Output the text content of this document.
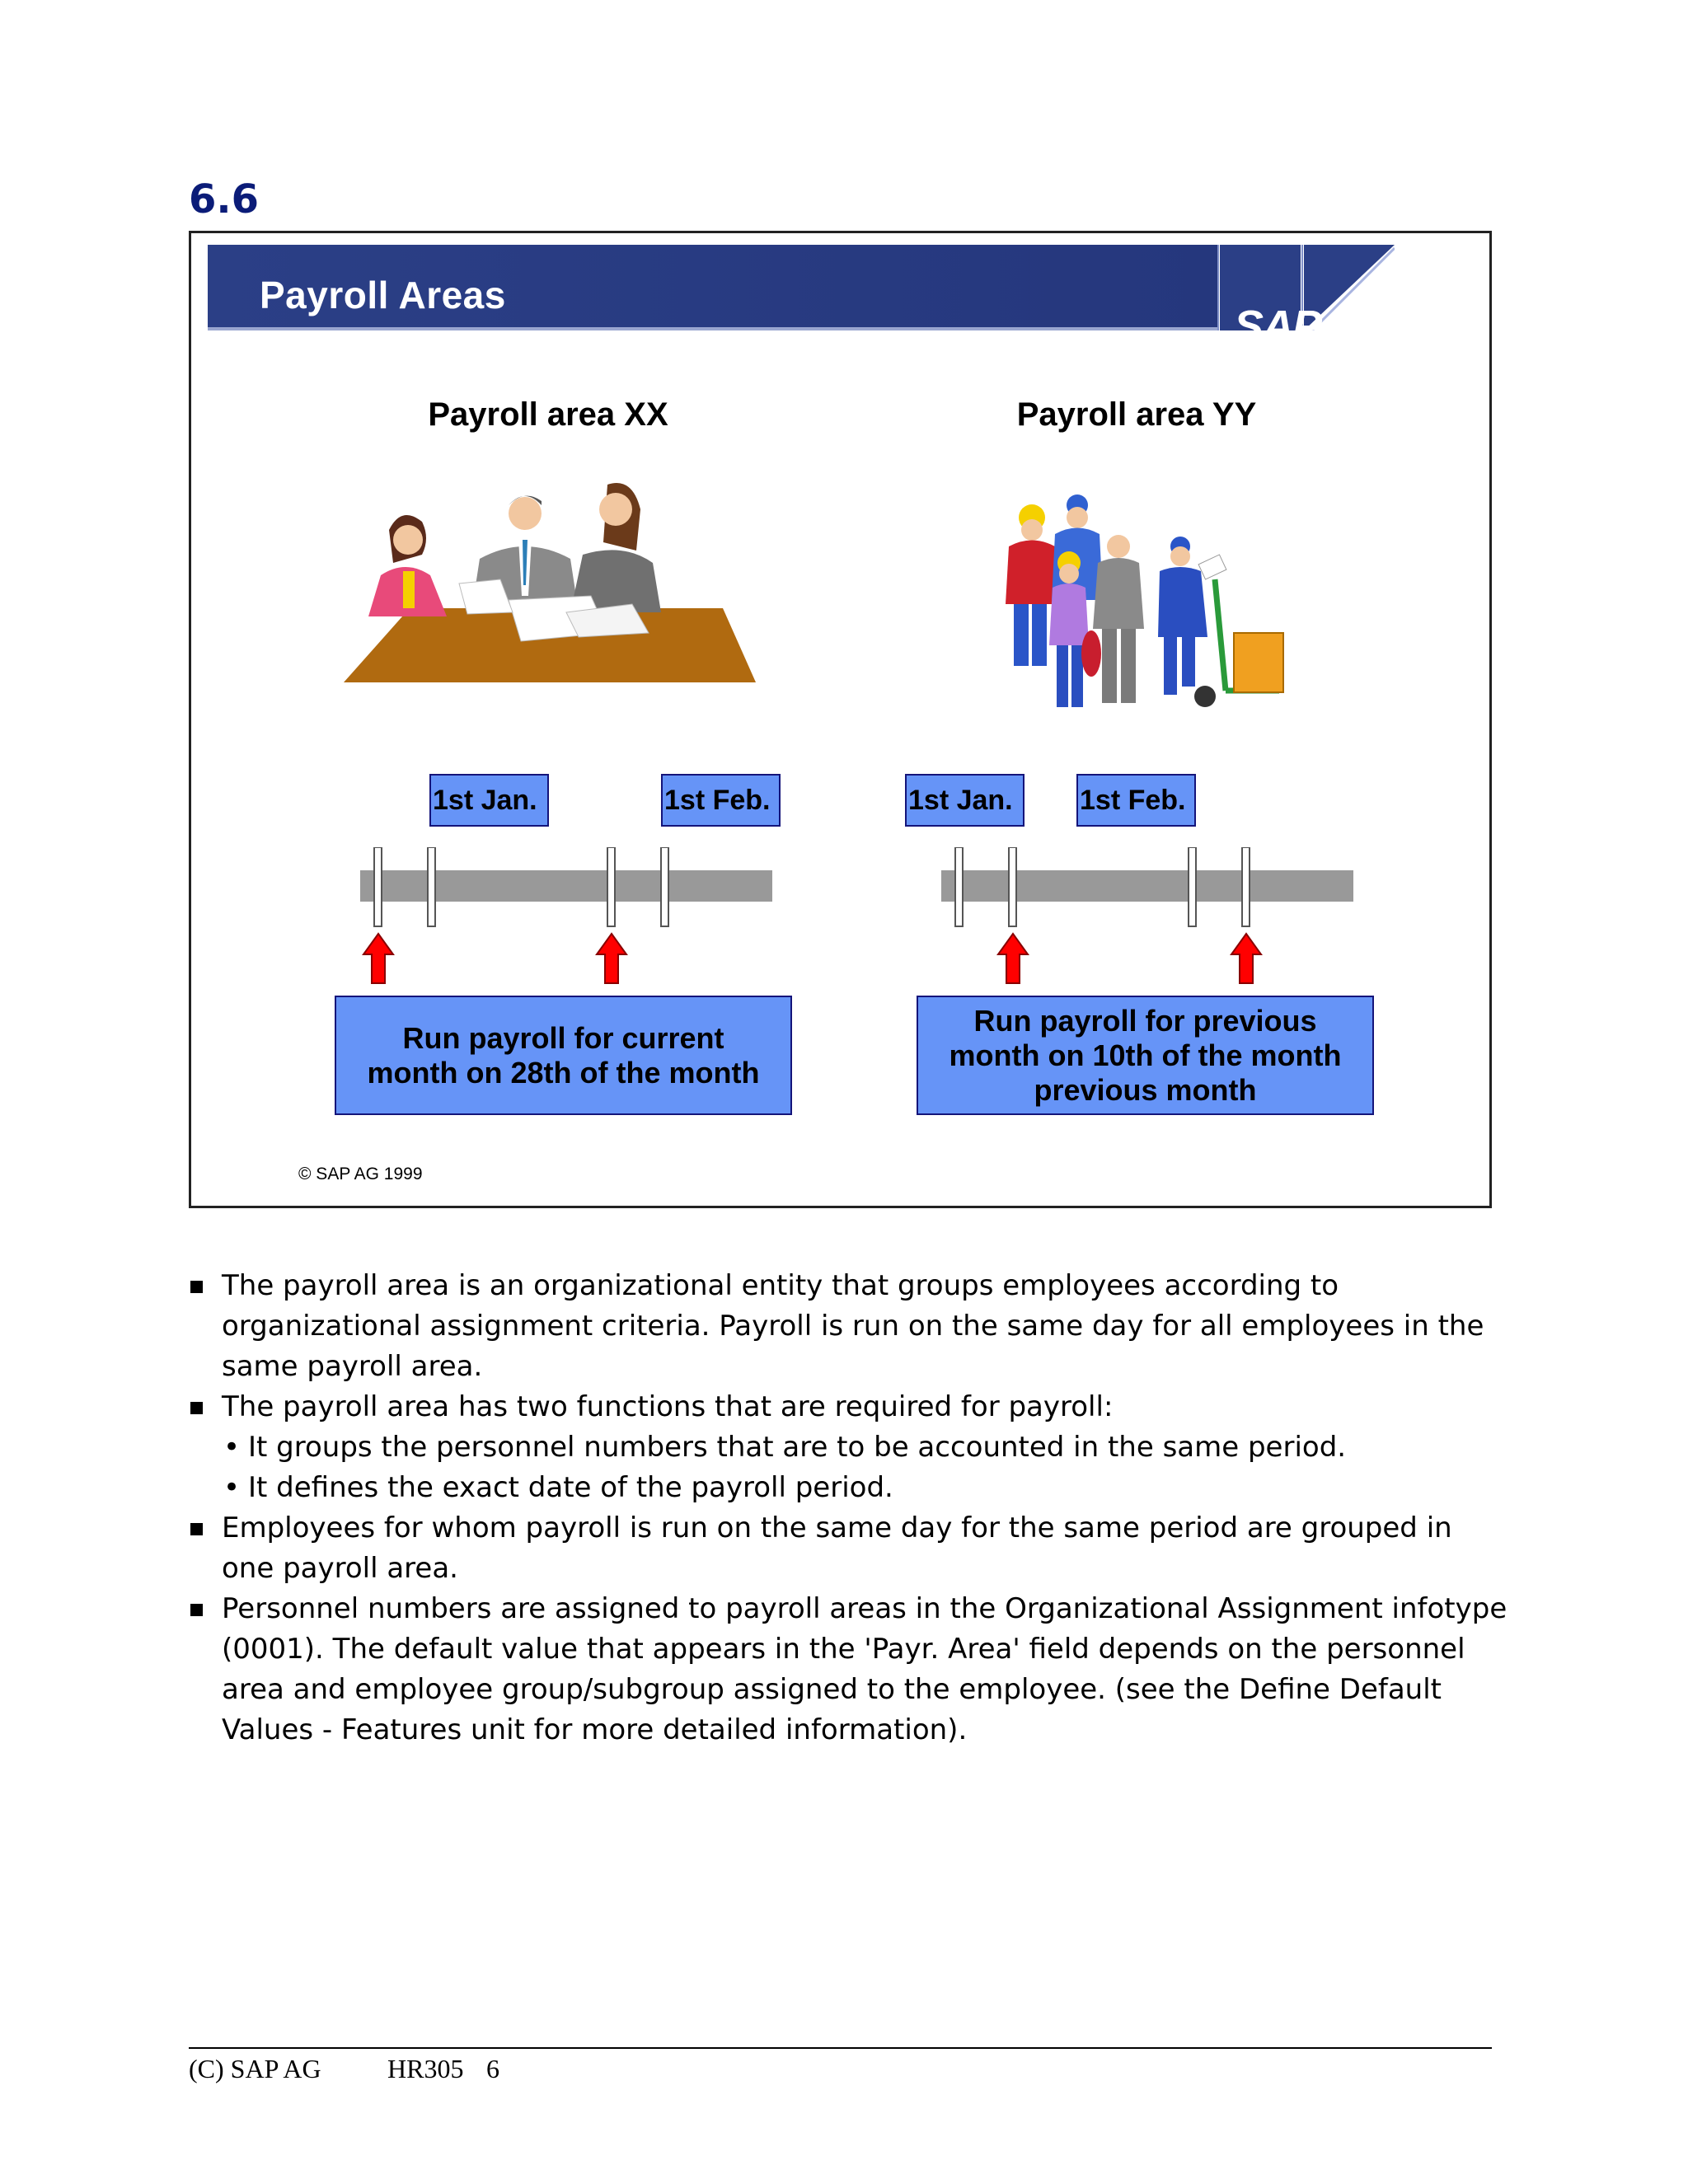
6.6
Payroll Areas
SAP
Payroll area XX	Payroll area YY
1st Jan.	1st Feb.	1st Jan.	1st Feb.
Run payroll for current
month on 28th of the month
Run payroll for previous
month on 10th of the month
previous month
© SAP AG 1999
The payroll area is an organizational entity that groups employees according to organizational assignment criteria. Payroll is run on the same day for all employees in the same payroll area.
The payroll area has two functions that are required for payroll:
• It groups the personnel numbers that are to be accounted in the same period.
• It defines the exact date of the payroll period.
Employees for whom payroll is run on the same day for the same period are grouped in one payroll area.
Personnel numbers are assigned to payroll areas in the Organizational Assignment infotype (0001). The default value that appears in the 'Payr. Area' field depends on the personnel area and employee group/subgroup assigned to the employee. (see the Define Default Values - Features unit for more detailed information).
(C) SAP AG	HR305 6
